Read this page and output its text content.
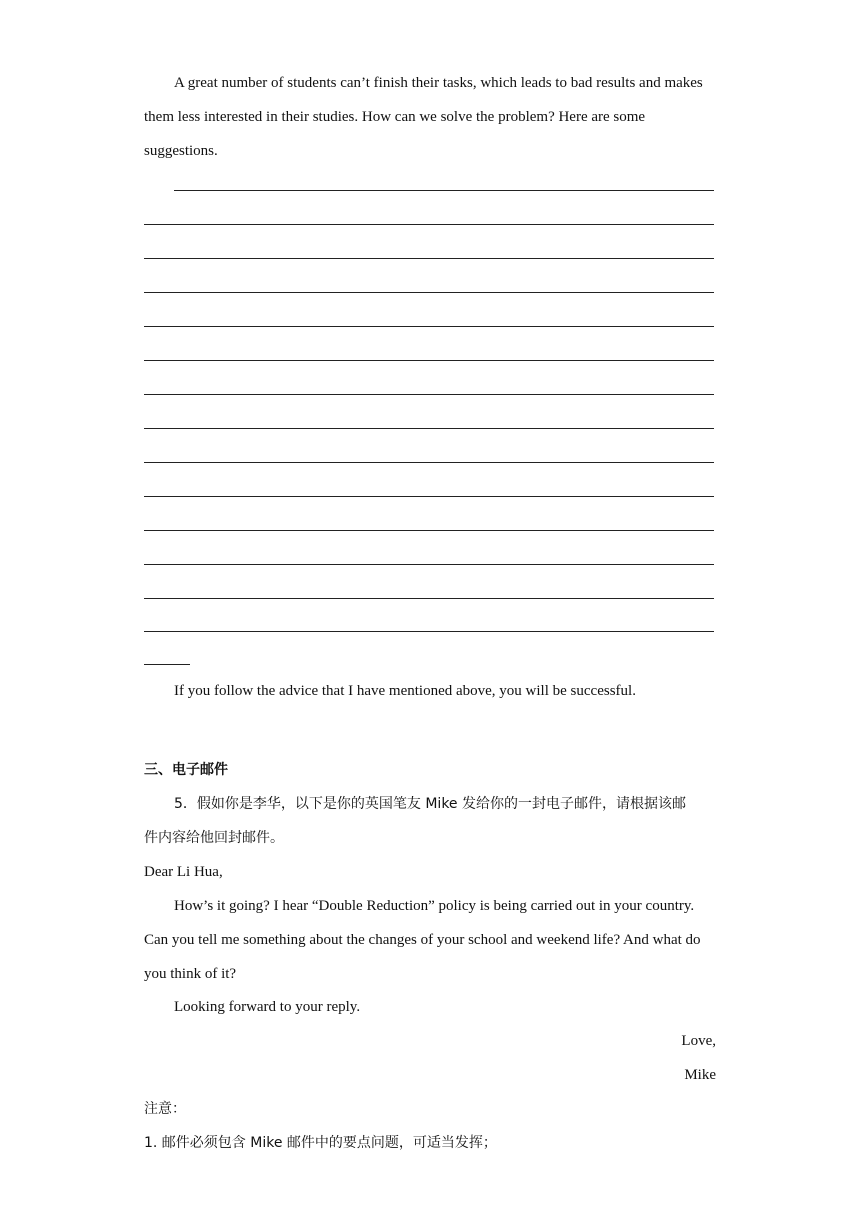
A great number of students can’t finish their tasks, which leads to bad results and makes
them less interested in their studies. How can we solve the problem? Here are some
suggestions.
If you follow the advice that I have mentioned above, you will be successful.
三、电子邮件
5．假如你是李华，以下是你的英国笔友 Mike 发给你的一封电子邮件，请根据该邮
件内容给他回封邮件。
Dear Li Hua,
How’s it going? I hear “Double Reduction” policy is being carried out in your country.
Can you tell me something about the changes of your school and weekend life? And what do
you think of it?
Looking forward to your reply.
Love,
Mike
注意：
1. 邮件必须包含 Mike 邮件中的要点问题，可适当发挥；
